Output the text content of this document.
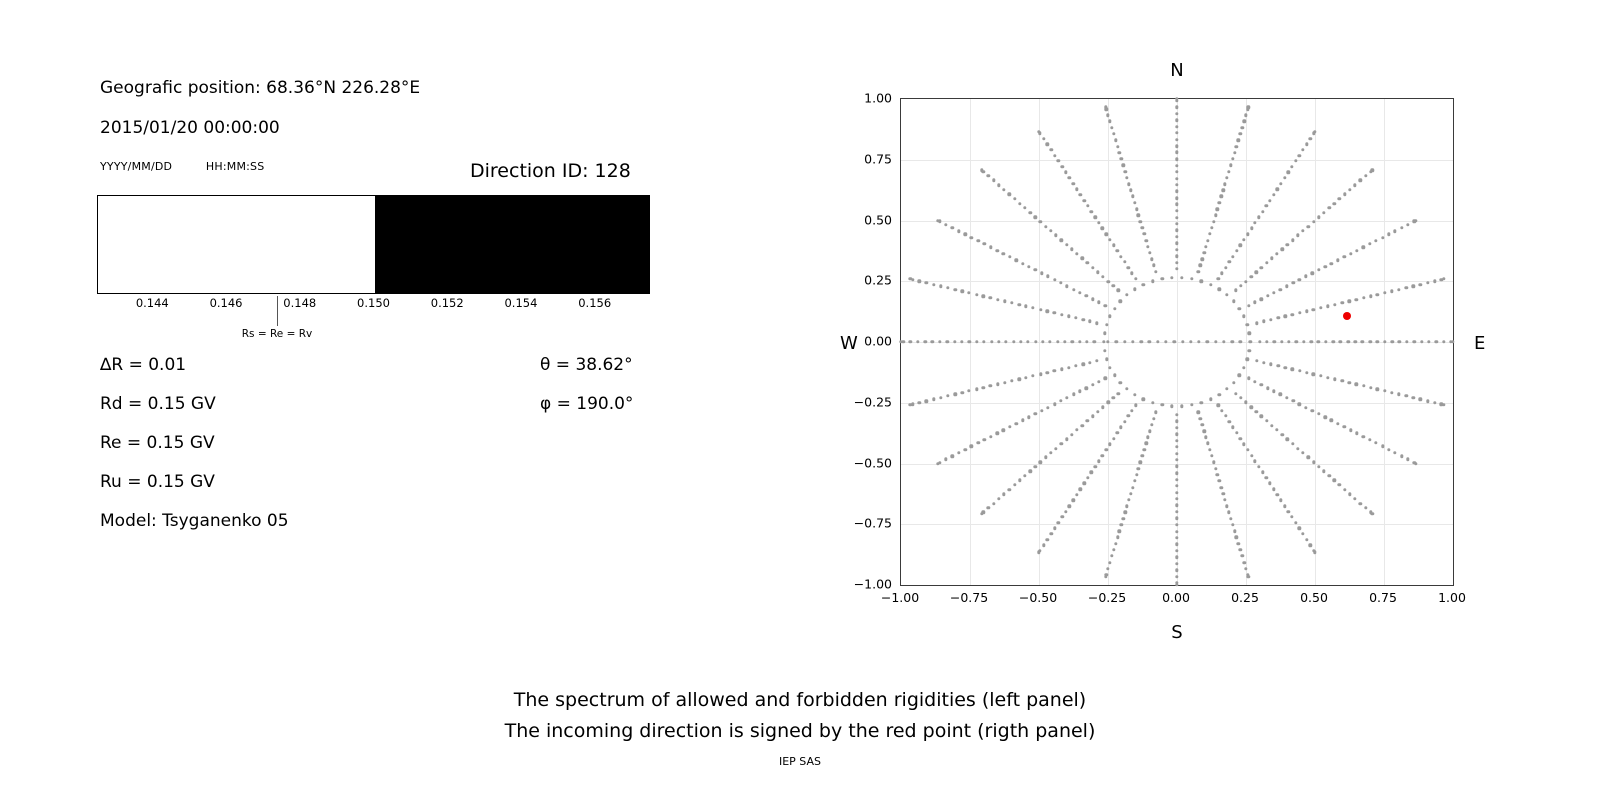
Geografic position: 68.36°N 226.28°E
2015/01/20 00:00:00
YYYY/MM/DD	HH:MM:SS	Direction ID: 128
0.144	0.146	0.148	0.150	0.152	0.154	0.156
Rs = Re = Rv
∆R = 0.01	θ = 38.62°
Rd = 0.15 GV	φ = 190.0°
Re = 0.15 GV
Ru = 0.15 GV
Model: Tsyganenko 05
N
S
W	E
−1.00 −0.75 −0.50 −0.25	0.00	0.25	0.50	0.75	1.00
−1.00
−0.75
−0.50
−0.25
0.00
0.25
0.50
0.75
1.00
The spectrum of allowed and forbidden rigidities (left panel)
The incoming direction is signed by the red point (rigth panel)
IEP SAS
